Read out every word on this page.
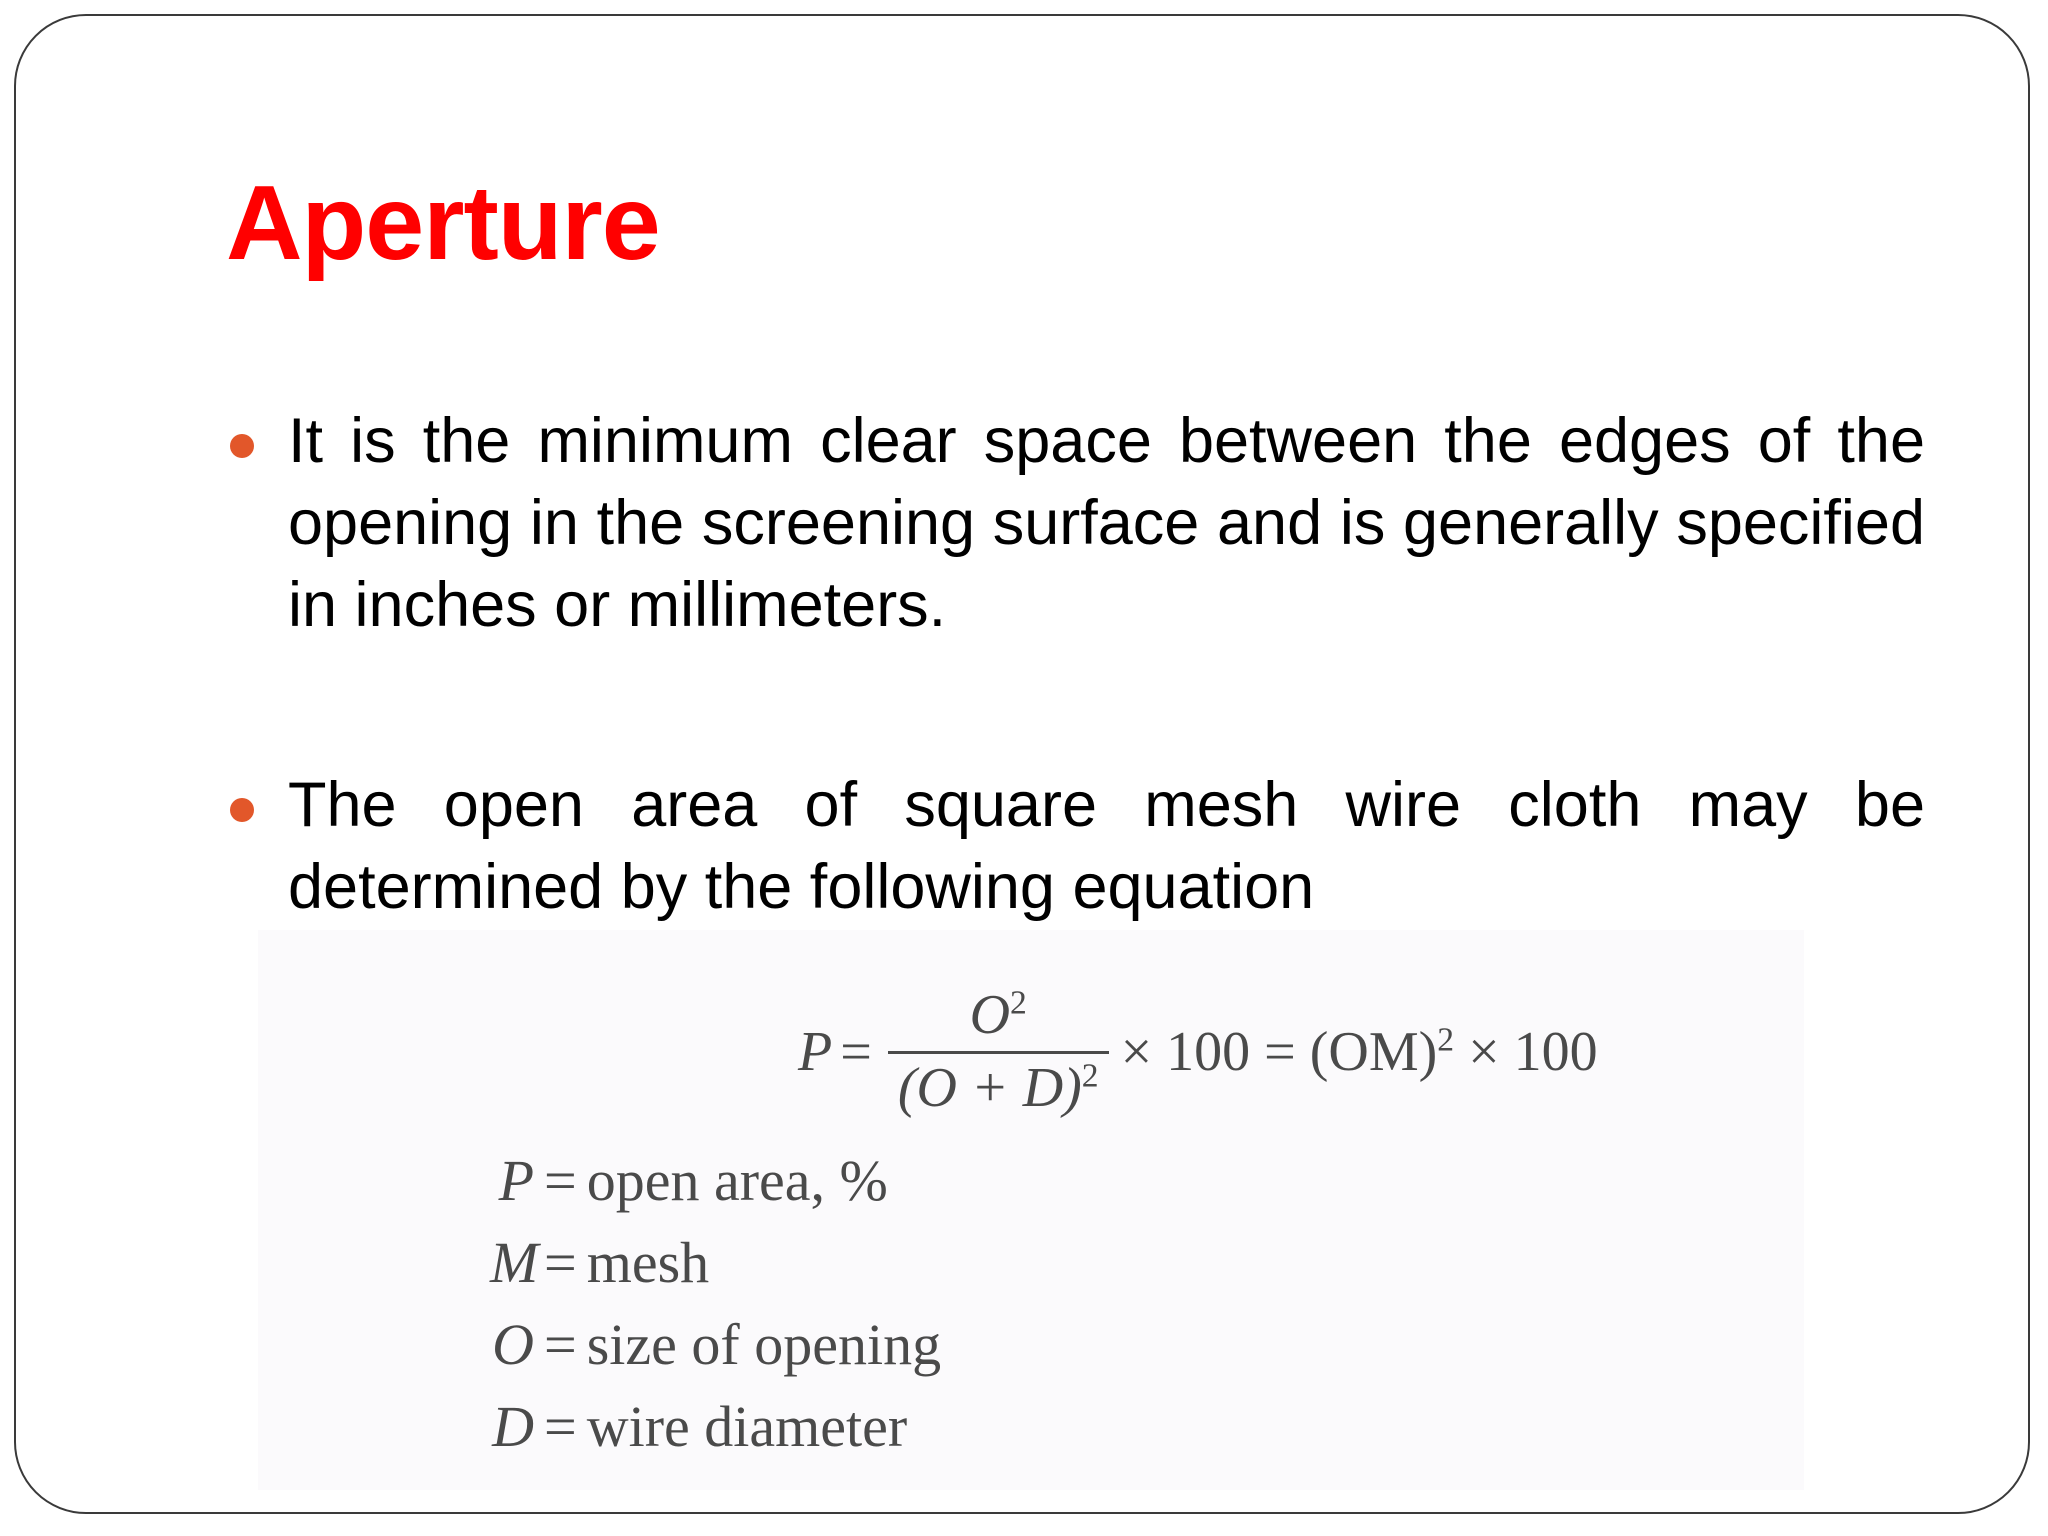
Aperture
It is the minimum clear space between the edges of the opening in the screening surface and is generally specified in inches or millimeters.
The open area of square mesh wire cloth may be determined by the following equation
$P = \frac{O^2}{(O + D)^2} \times 100 = (OM)^2 \times 100$
P = open area, %
M= mesh
O = size of opening
D = wire diameter
